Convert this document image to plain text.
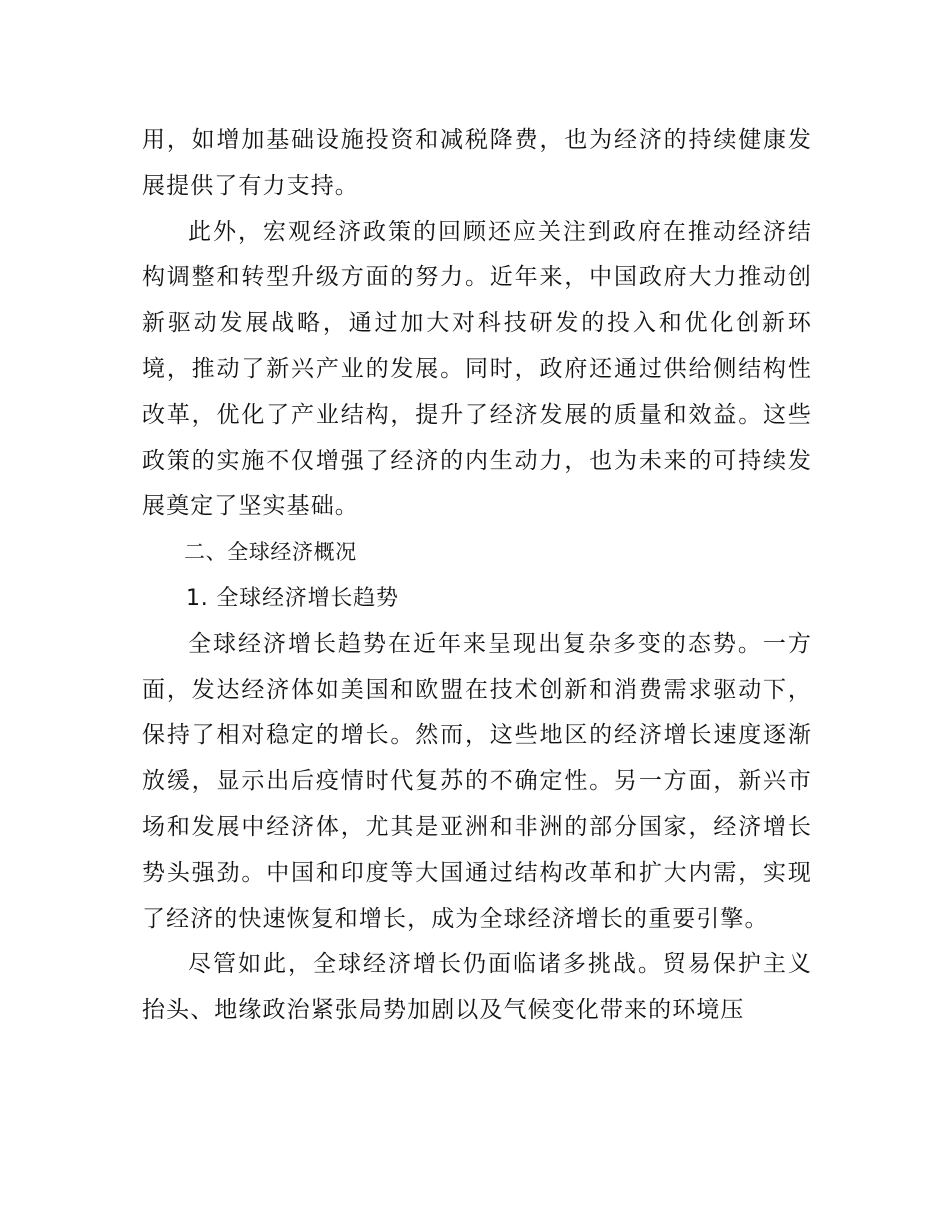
用，如增加基础设施投资和减税降费，也为经济的持续健康发展提供了有力支持。

此外，宏观经济政策的回顾还应关注到政府在推动经济结构调整和转型升级方面的努力。近年来，中国政府大力推动创新驱动发展战略，通过加大对科技研发的投入和优化创新环境，推动了新兴产业的发展。同时，政府还通过供给侧结构性改革，优化了产业结构，提升了经济发展的质量和效益。这些政策的实施不仅增强了经济的内生动力，也为未来的可持续发展奠定了坚实基础。

二、全球经济概况
1. 全球经济增长趋势

全球经济增长趋势在近年来呈现出复杂多变的态势。一方面，发达经济体如美国和欧盟在技术创新和消费需求驱动下，保持了相对稳定的增长。然而，这些地区的经济增长速度逐渐放缓，显示出后疫情时代复苏的不确定性。另一方面，新兴市场和发展中经济体，尤其是亚洲和非洲的部分国家，经济增长势头强劲。中国和印度等大国通过结构改革和扩大内需，实现了经济的快速恢复和增长，成为全球经济增长的重要引擎。

尽管如此，全球经济增长仍面临诸多挑战。贸易保护主义抬头、地缘政治紧张局势加剧以及气候变化带来的环境压
